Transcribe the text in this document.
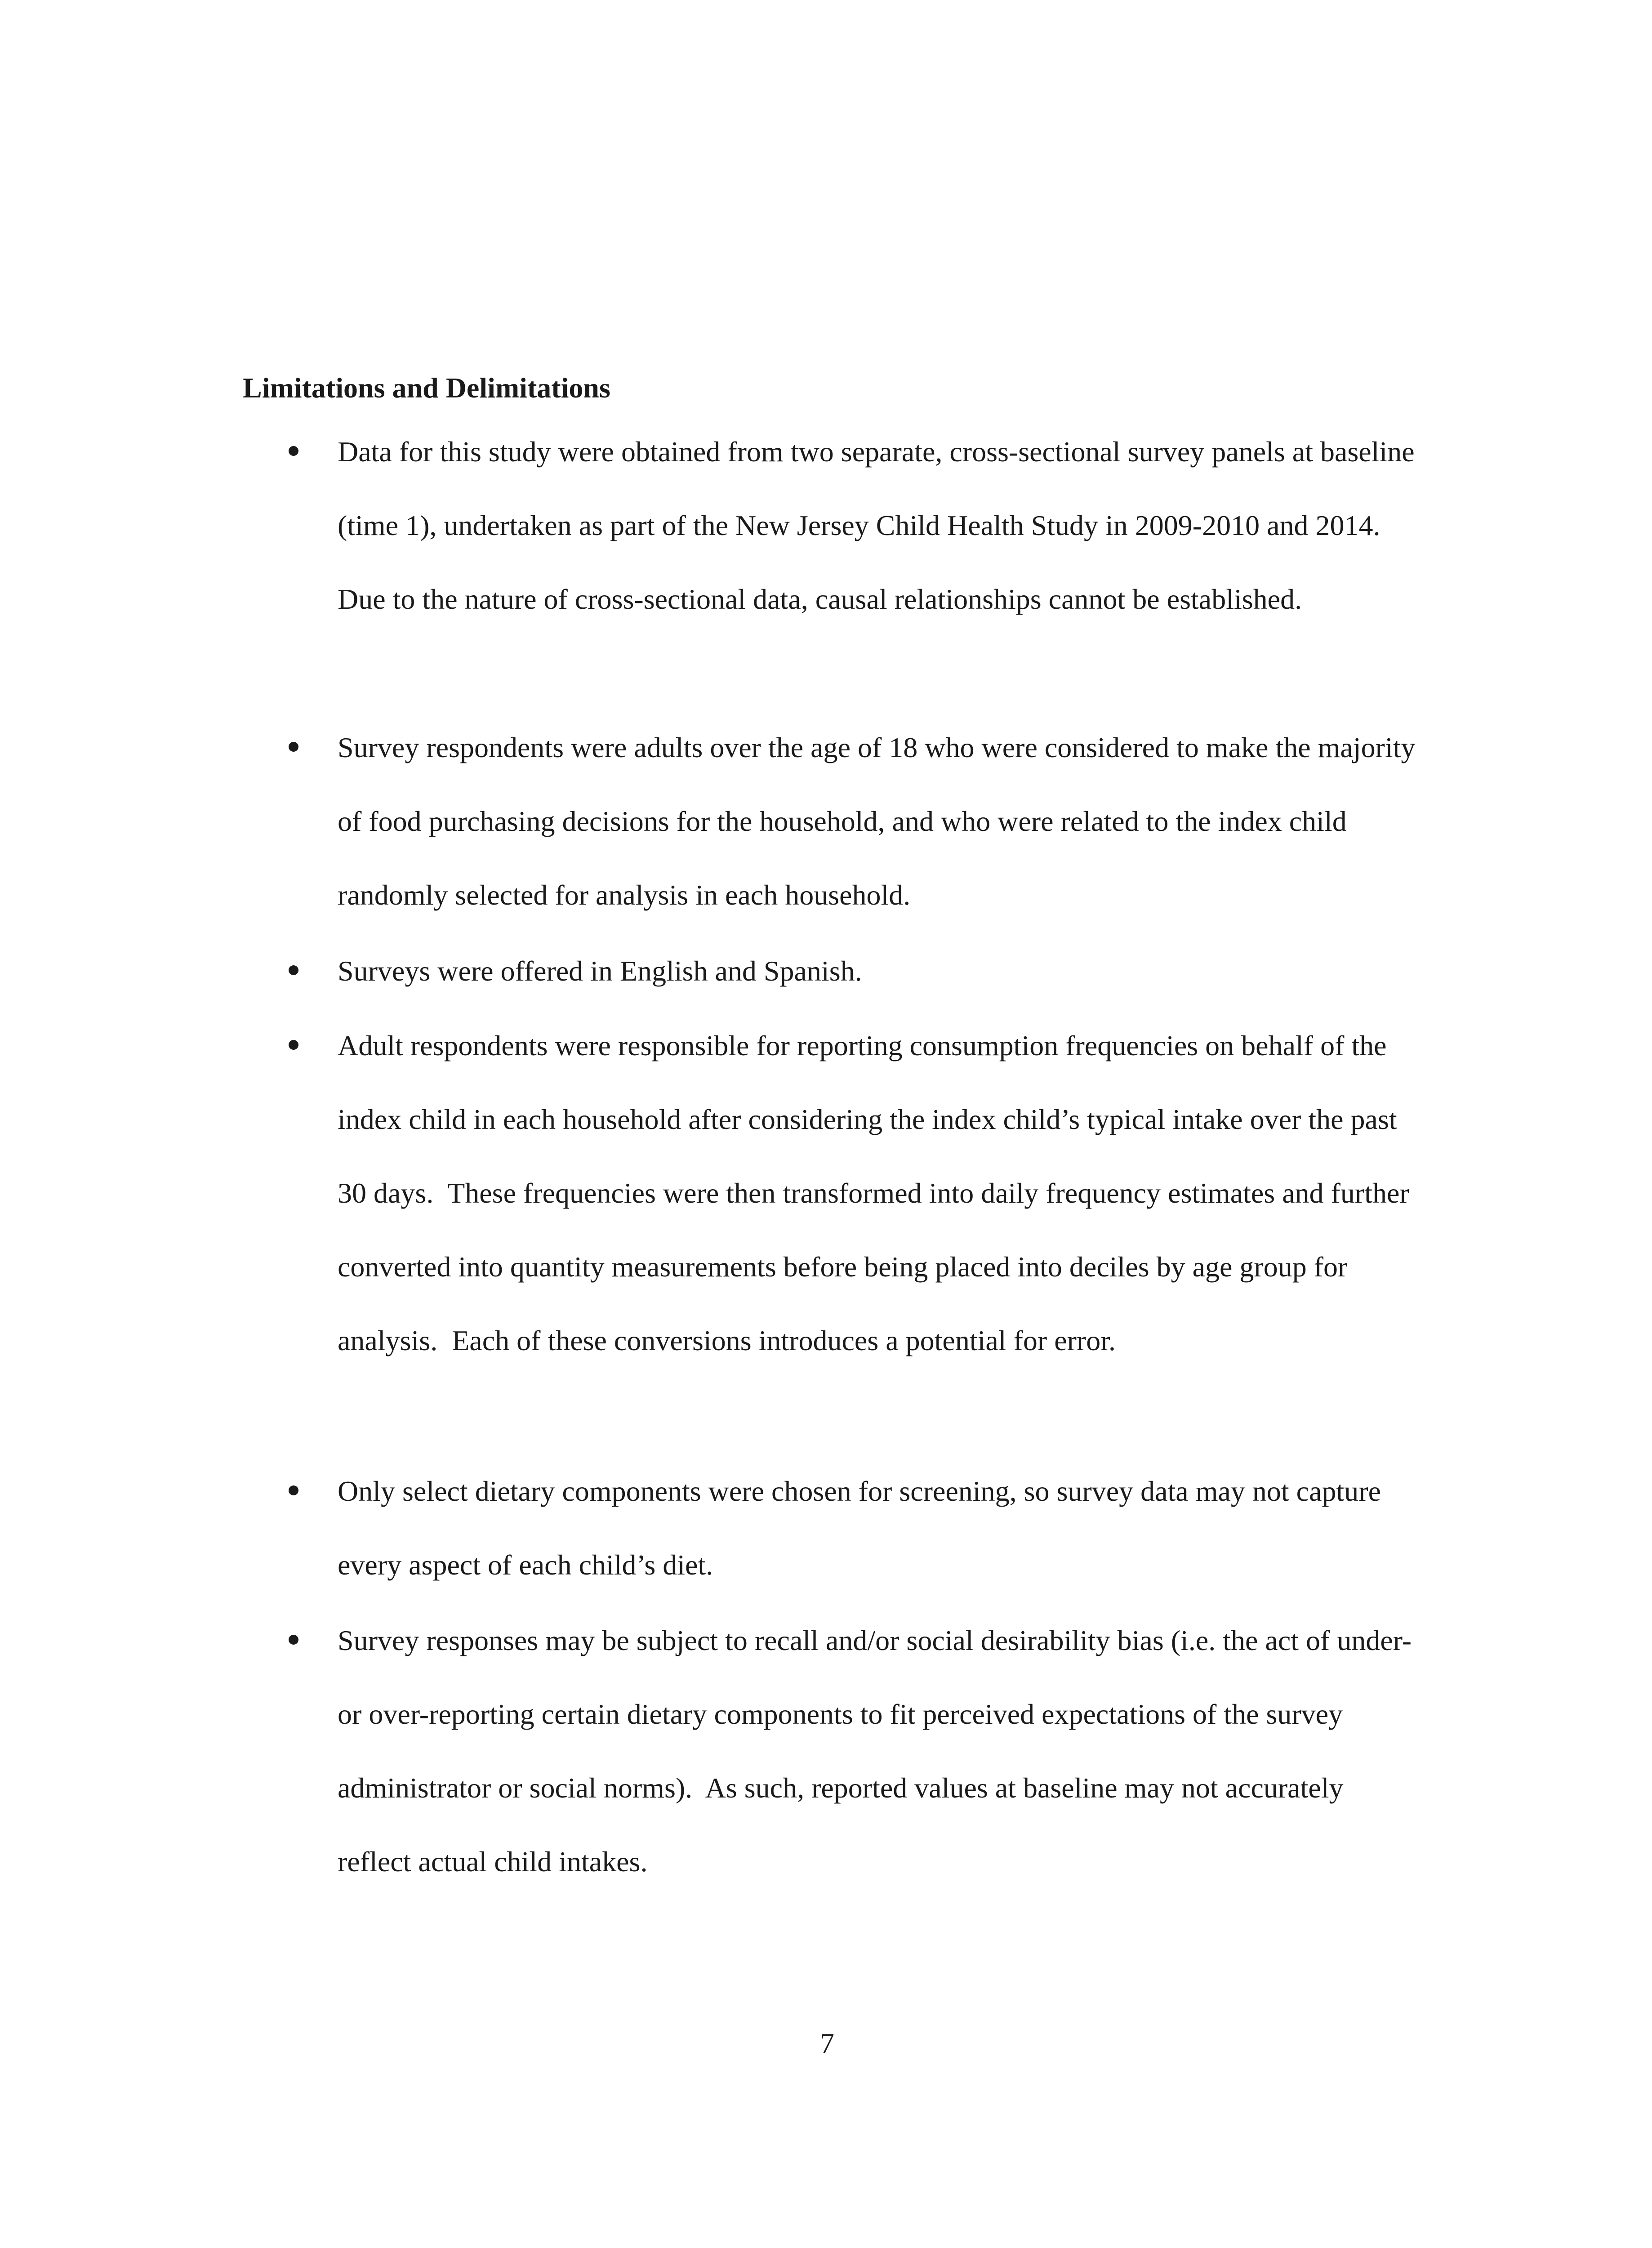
Limitations and Delimitations

Data for this study were obtained from two separate, cross-sectional survey panels at baseline (time 1), undertaken as part of the New Jersey Child Health Study in 2009-2010 and 2014.  Due to the nature of cross-sectional data, causal relationships cannot be established.

Survey respondents were adults over the age of 18 who were considered to make the majority of food purchasing decisions for the household, and who were related to the index child randomly selected for analysis in each household.

Surveys were offered in English and Spanish.

Adult respondents were responsible for reporting consumption frequencies on behalf of the index child in each household after considering the index child’s typical intake over the past 30 days.  These frequencies were then transformed into daily frequency estimates and further converted into quantity measurements before being placed into deciles by age group for analysis.  Each of these conversions introduces a potential for error.

Only select dietary components were chosen for screening, so survey data may not capture every aspect of each child’s diet.

Survey responses may be subject to recall and/or social desirability bias (i.e. the act of under- or over-reporting certain dietary components to fit perceived expectations of the survey administrator or social norms).  As such, reported values at baseline may not accurately reflect actual child intakes.

7
